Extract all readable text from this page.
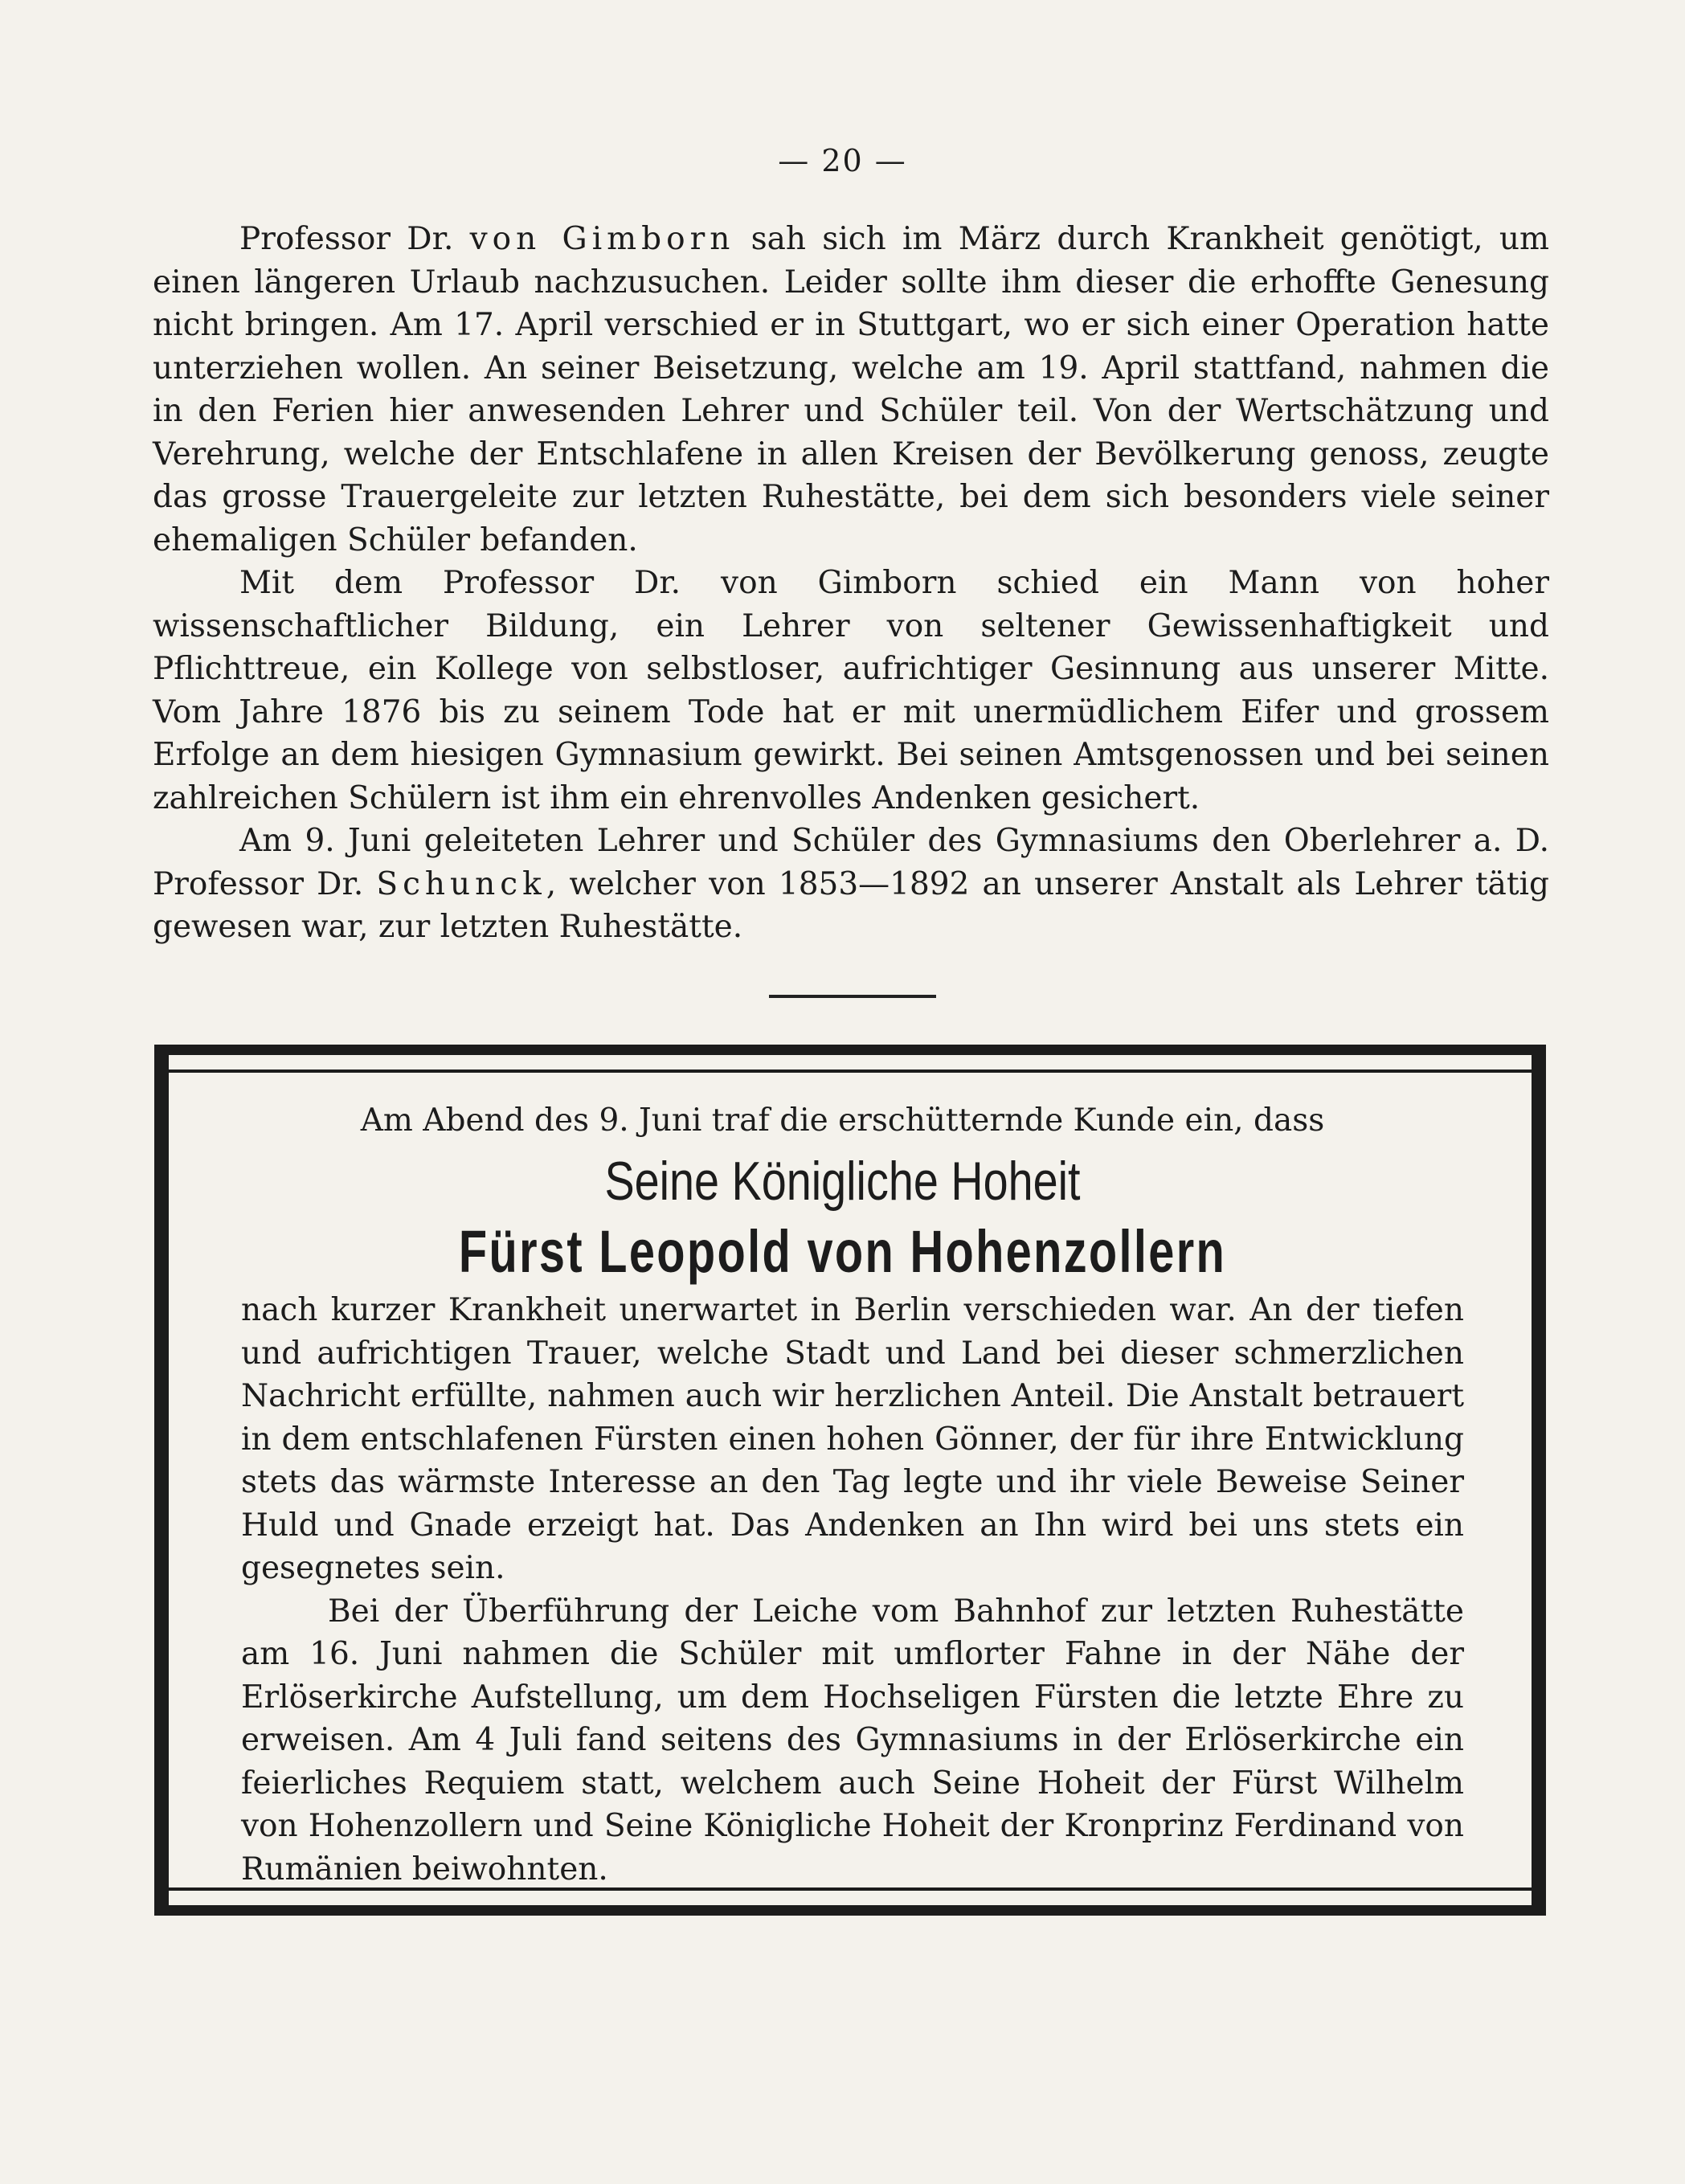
— 20 —

Professor Dr. von Gimborn sah sich im März durch Krankheit genötigt, um einen längeren Urlaub nachzusuchen. Leider sollte ihm dieser die erhoffte Genesung nicht bringen. Am 17. April verschied er in Stuttgart, wo er sich einer Operation hatte unterziehen wollen. An seiner Beisetzung, welche am 19. April stattfand, nahmen die in den Ferien hier anwesenden Lehrer und Schüler teil. Von der Wertschätzung und Verehrung, welche der Entschlafene in allen Kreisen der Bevölkerung genoss, zeugte das grosse Trauergeleite zur letzten Ruhestätte, bei dem sich besonders viele seiner ehemaligen Schüler befanden.

Mit dem Professor Dr. von Gimborn schied ein Mann von hoher wissenschaftlicher Bildung, ein Lehrer von seltener Gewissenhaftigkeit und Pflichttreue, ein Kollege von selbstloser, aufrichtiger Gesinnung aus unserer Mitte. Vom Jahre 1876 bis zu seinem Tode hat er mit unermüdlichem Eifer und grossem Erfolge an dem hiesigen Gymnasium gewirkt. Bei seinen Amtsgenossen und bei seinen zahlreichen Schülern ist ihm ein ehrenvolles Andenken gesichert.

Am 9. Juni geleiteten Lehrer und Schüler des Gymnasiums den Oberlehrer a. D. Professor Dr. Schunck, welcher von 1853—1892 an unserer Anstalt als Lehrer tätig gewesen war, zur letzten Ruhestätte.

Am Abend des 9. Juni traf die erschütternde Kunde ein, dass
Seine Königliche Hoheit
Fürst Leopold von Hohenzollern

nach kurzer Krankheit unerwartet in Berlin verschieden war. An der tiefen und aufrichtigen Trauer, welche Stadt und Land bei dieser schmerzlichen Nachricht erfüllte, nahmen auch wir herzlichen Anteil. Die Anstalt betrauert in dem entschlafenen Fürsten einen hohen Gönner, der für ihre Entwicklung stets das wärmste Interesse an den Tag legte und ihr viele Beweise Seiner Huld und Gnade erzeigt hat. Das Andenken an Ihn wird bei uns stets ein gesegnetes sein.

Bei der Überführung der Leiche vom Bahnhof zur letzten Ruhestätte am 16. Juni nahmen die Schüler mit umflorter Fahne in der Nähe der Erlöserkirche Aufstellung, um dem Hochseligen Fürsten die letzte Ehre zu erweisen. Am 4 Juli fand seitens des Gymnasiums in der Erlöserkirche ein feierliches Requiem statt, welchem auch Seine Hoheit der Fürst Wilhelm von Hohenzollern und Seine Königliche Hoheit der Kronprinz Ferdinand von Rumänien beiwohnten.
